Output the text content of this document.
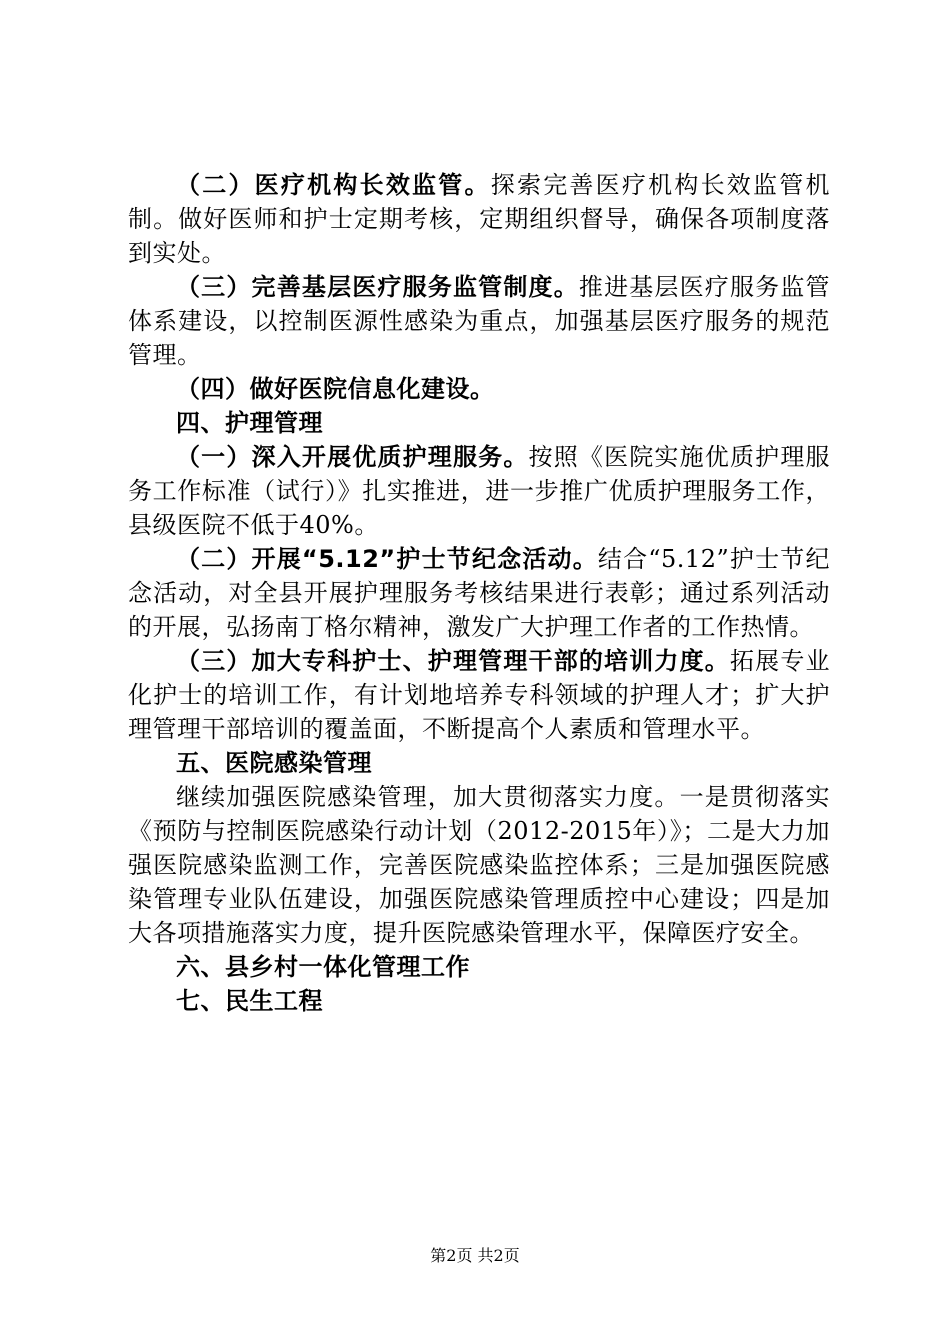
（二）医疗机构长效监管。探索完善医疗机构长效监管机制。做好医师和护士定期考核，定期组织督导，确保各项制度落到实处。

（三）完善基层医疗服务监管制度。推进基层医疗服务监管体系建设，以控制医源性感染为重点，加强基层医疗服务的规范管理。

（四）做好医院信息化建设。

四、护理管理

（一）深入开展优质护理服务。按照《医院实施优质护理服务工作标准（试行）》扎实推进，进一步推广优质护理服务工作，县级医院不低于40%。

（二）开展“5.12”护士节纪念活动。结合“5.12”护士节纪念活动，对全县开展护理服务考核结果进行表彰；通过系列活动的开展，弘扬南丁格尔精神，激发广大护理工作者的工作热情。

（三）加大专科护士、护理管理干部的培训力度。拓展专业化护士的培训工作，有计划地培养专科领域的护理人才；扩大护理管理干部培训的覆盖面，不断提高个人素质和管理水平。

五、医院感染管理

继续加强医院感染管理，加大贯彻落实力度。一是贯彻落实《预防与控制医院感染行动计划（2012-2015年）》；二是大力加强医院感染监测工作，完善医院感染监控体系；三是加强医院感染管理专业队伍建设，加强医院感染管理质控中心建设；四是加大各项措施落实力度，提升医院感染管理水平，保障医疗安全。

六、县乡村一体化管理工作

七、民生工程

第2页 共2页
